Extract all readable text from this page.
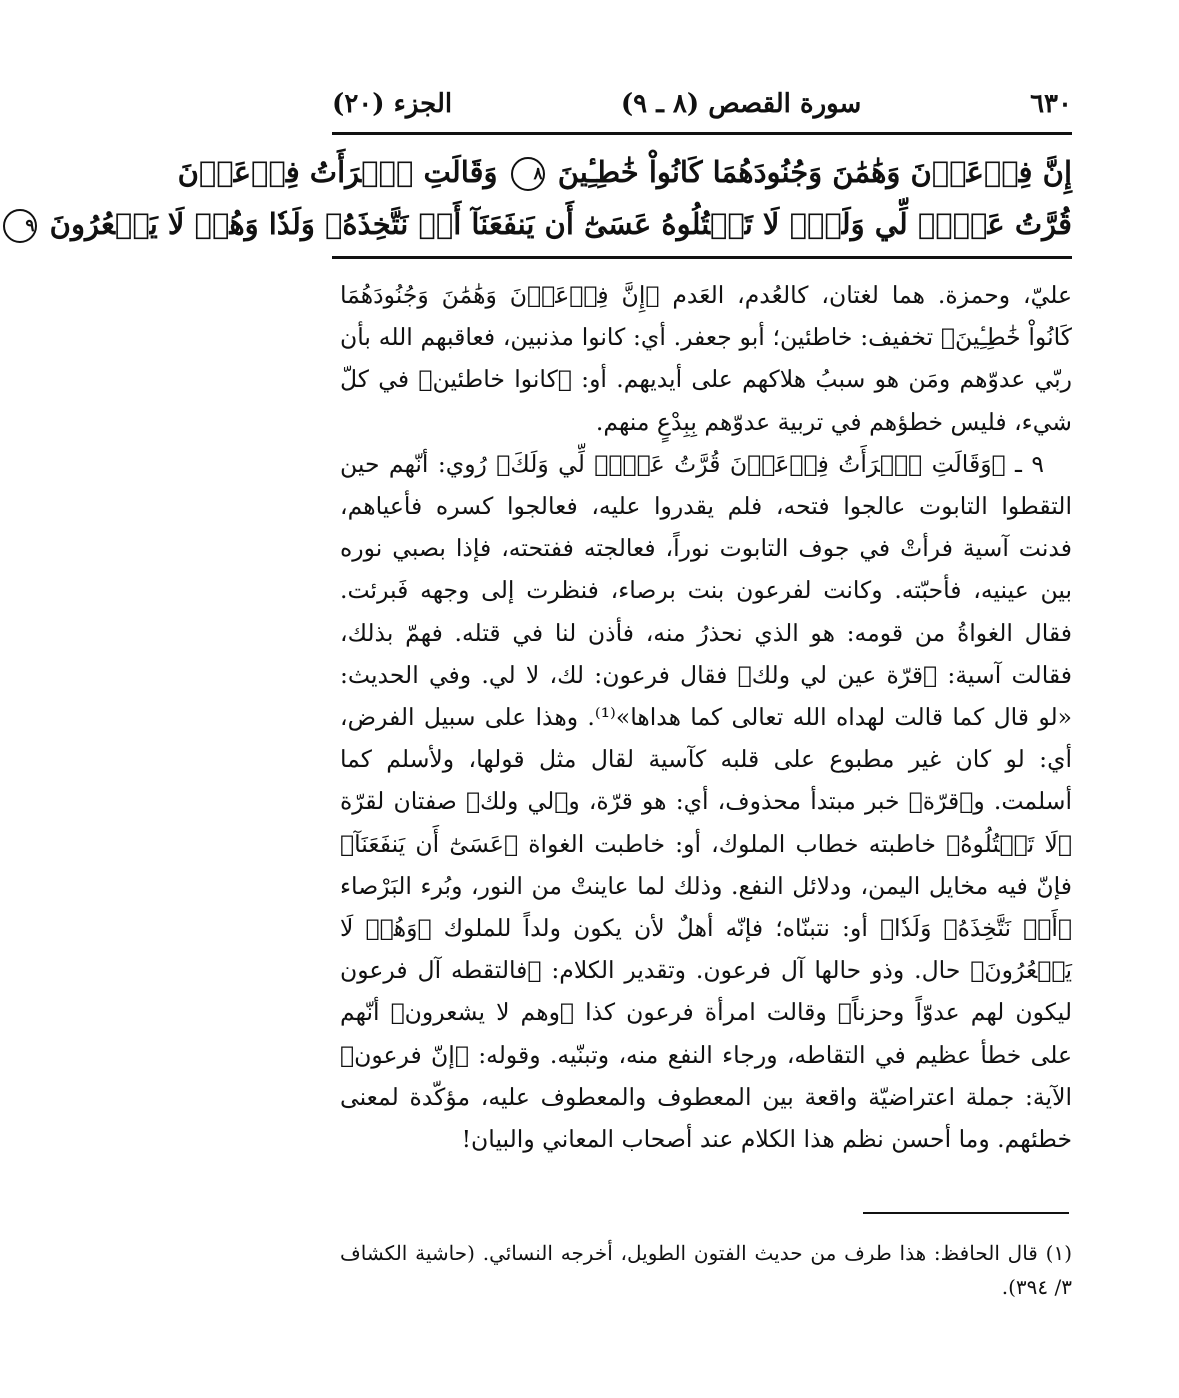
٦٣٠
سورة القصص (٨ ـ ٩)
الجزء (٢٠)
إِنَّ فِرۡعَوۡنَ وَهَٰمَٰنَ وَجُنُودَهُمَا كَانُواْ خَٰطِـِٔينَ ٨ وَقَالَتِ ٱمۡرَأَتُ فِرۡعَوۡنَ
قُرَّتُ عَيۡنٖ لِّي وَلَكَۖ لَا تَقۡتُلُوهُ عَسَىٰٓ أَن يَنفَعَنَآ أَوۡ نَتَّخِذَهُۥ وَلَدٗا وَهُمۡ لَا يَشۡعُرُونَ ٩

عليّ، وحمزة. هما لغتان، كالعُدم، العَدم ﴿إِنَّ فِرۡعَوۡنَ وَهَٰمَٰنَ وَجُنُودَهُمَا كَانُواْ خَٰطِـِٔينَ﴾ تخفيف: خاطئين؛ أبو جعفر. أي: كانوا مذنبين، فعاقبهم الله بأن ربّي عدوّهم ومَن هو سببُ هلاكهم على أيديهم. أو: ﴿كانوا خاطئين﴾ في كلّ شيء، فليس خطؤهم في تربية عدوّهم بِبِدْعٍ منهم.

٩ ـ ﴿وَقَالَتِ ٱمۡرَأَتُ فِرۡعَوۡنَ قُرَّتُ عَيۡنٖ لِّي وَلَكَ﴾ رُوي: أنّهم حين التقطوا التابوت عالجوا فتحه، فلم يقدروا عليه، فعالجوا كسره فأعياهم، فدنت آسية فرأتْ في جوف التابوت نوراً، فعالجته ففتحته، فإذا بصبي نوره بين عينيه، فأحبّته. وكانت لفرعون بنت برصاء، فنظرت إلى وجهه فَبرئت. فقال الغواةُ من قومه: هو الذي نحذرُ منه، فأذن لنا في قتله. فهمّ بذلك، فقالت آسية: ﴿قرّة عين لي ولك﴾ فقال فرعون: لك، لا لي. وفي الحديث: «لو قال كما قالت لهداه الله تعالى كما هداها»⁽¹⁾. وهذا على سبيل الفرض، أي: لو كان غير مطبوع على قلبه كآسية لقال مثل قولها، ولأسلم كما أسلمت. و﴿قرّة﴾ خبر مبتدأ محذوف، أي: هو قرّة، و﴿لي ولك﴾ صفتان لقرّة ﴿لَا تَقۡتُلُوهُ﴾ خاطبته خطاب الملوك، أو: خاطبت الغواة ﴿عَسَىٰٓ أَن يَنفَعَنَآ﴾ فإنّ فيه مخايل اليمن، ودلائل النفع. وذلك لما عاينتْ من النور، وبُرء البَرْصاء ﴿أَوۡ نَتَّخِذَهُۥ وَلَدٗا﴾ أو: نتبنّاه؛ فإنّه أهلٌ لأن يكون ولداً للملوك ﴿وَهُمۡ لَا يَشۡعُرُونَ﴾ حال. وذو حالها آل فرعون. وتقدير الكلام: ﴿فالتقطه آل فرعون ليكون لهم عدوّاً وحزناً﴾ وقالت امرأة فرعون كذا ﴿وهم لا يشعرون﴾ أنّهم على خطأ عظيم في التقاطه، ورجاء النفع منه، وتبنّيه. وقوله: ﴿إنّ فرعون﴾ الآية: جملة اعتراضيّة واقعة بين المعطوف والمعطوف عليه، مؤكّدة لمعنى خطئهم. وما أحسن نظم هذا الكلام عند أصحاب المعاني والبيان!

(١) قال الحافظ: هذا طرف من حديث الفتون الطويل، أخرجه النسائي. (حاشية الكشاف ٣/ ٣٩٤).
